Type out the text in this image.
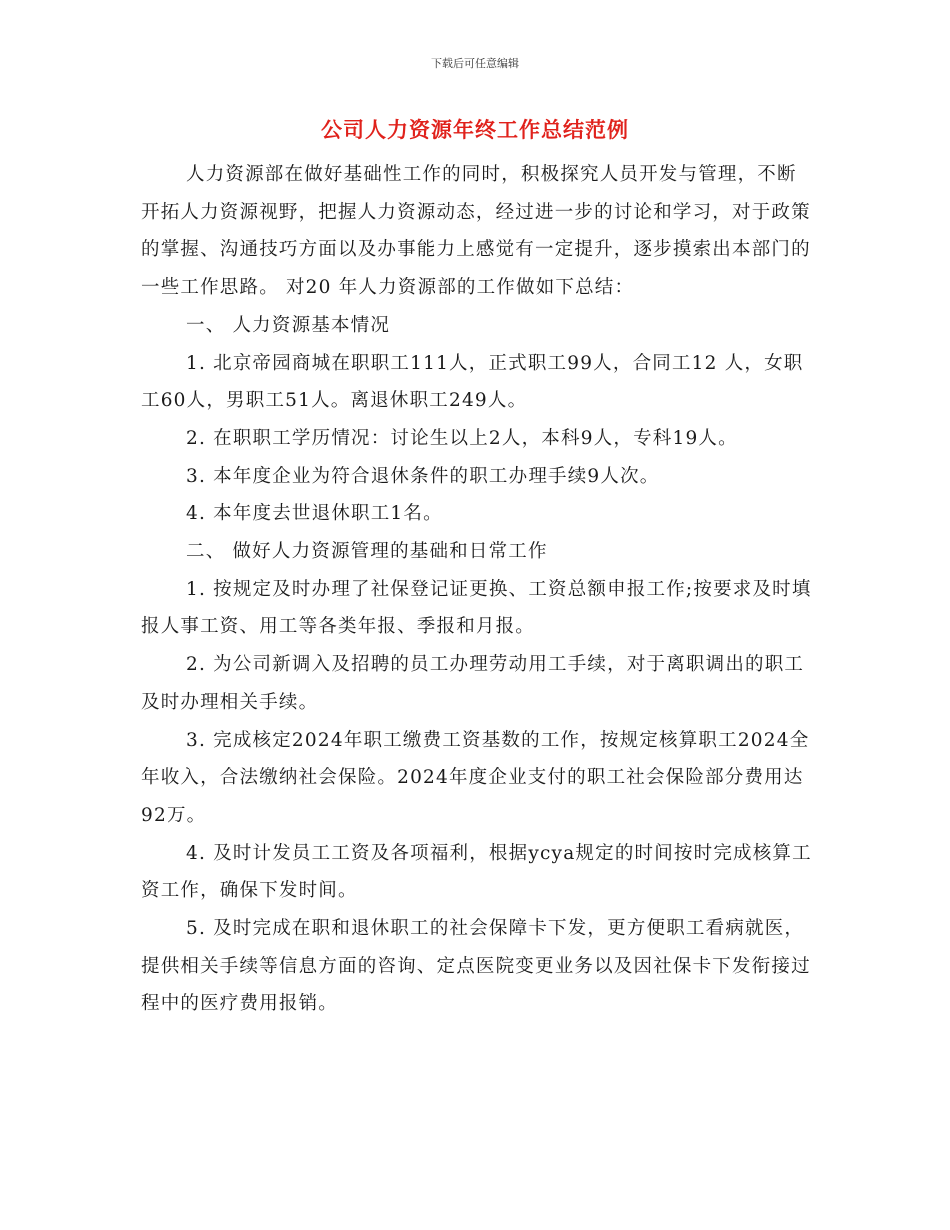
下载后可任意编辑
公司人力资源年终工作总结范例

人力资源部在做好基础性工作的同时，积极探究人员开发与管理，不断开拓人力资源视野，把握人力资源动态，经过进一步的讨论和学习，对于政策的掌握、沟通技巧方面以及办事能力上感觉有一定提升，逐步摸索出本部门的一些工作思路。 对20 年人力资源部的工作做如下总结：

一、 人力资源基本情况

1. 北京帝园商城在职职工111人，正式职工99人，合同工12 人，女职工60人，男职工51人。离退休职工249人。

2. 在职职工学历情况：讨论生以上2人，本科9人，专科19人。

3. 本年度企业为符合退休条件的职工办理手续9人次。

4. 本年度去世退休职工1名。

二、 做好人力资源管理的基础和日常工作

1. 按规定及时办理了社保登记证更换、工资总额申报工作;按要求及时填报人事工资、用工等各类年报、季报和月报。

2. 为公司新调入及招聘的员工办理劳动用工手续，对于离职调出的职工及时办理相关手续。

3. 完成核定2024年职工缴费工资基数的工作，按规定核算职工2024全年收入，合法缴纳社会保险。2024年度企业支付的职工社会保险部分费用达92万。

4. 及时计发员工工资及各项福利，根据ycya规定的时间按时完成核算工资工作，确保下发时间。

5. 及时完成在职和退休职工的社会保障卡下发，更方便职工看病就医，提供相关手续等信息方面的咨询、定点医院变更业务以及因社保卡下发衔接过程中的医疗费用报销。
